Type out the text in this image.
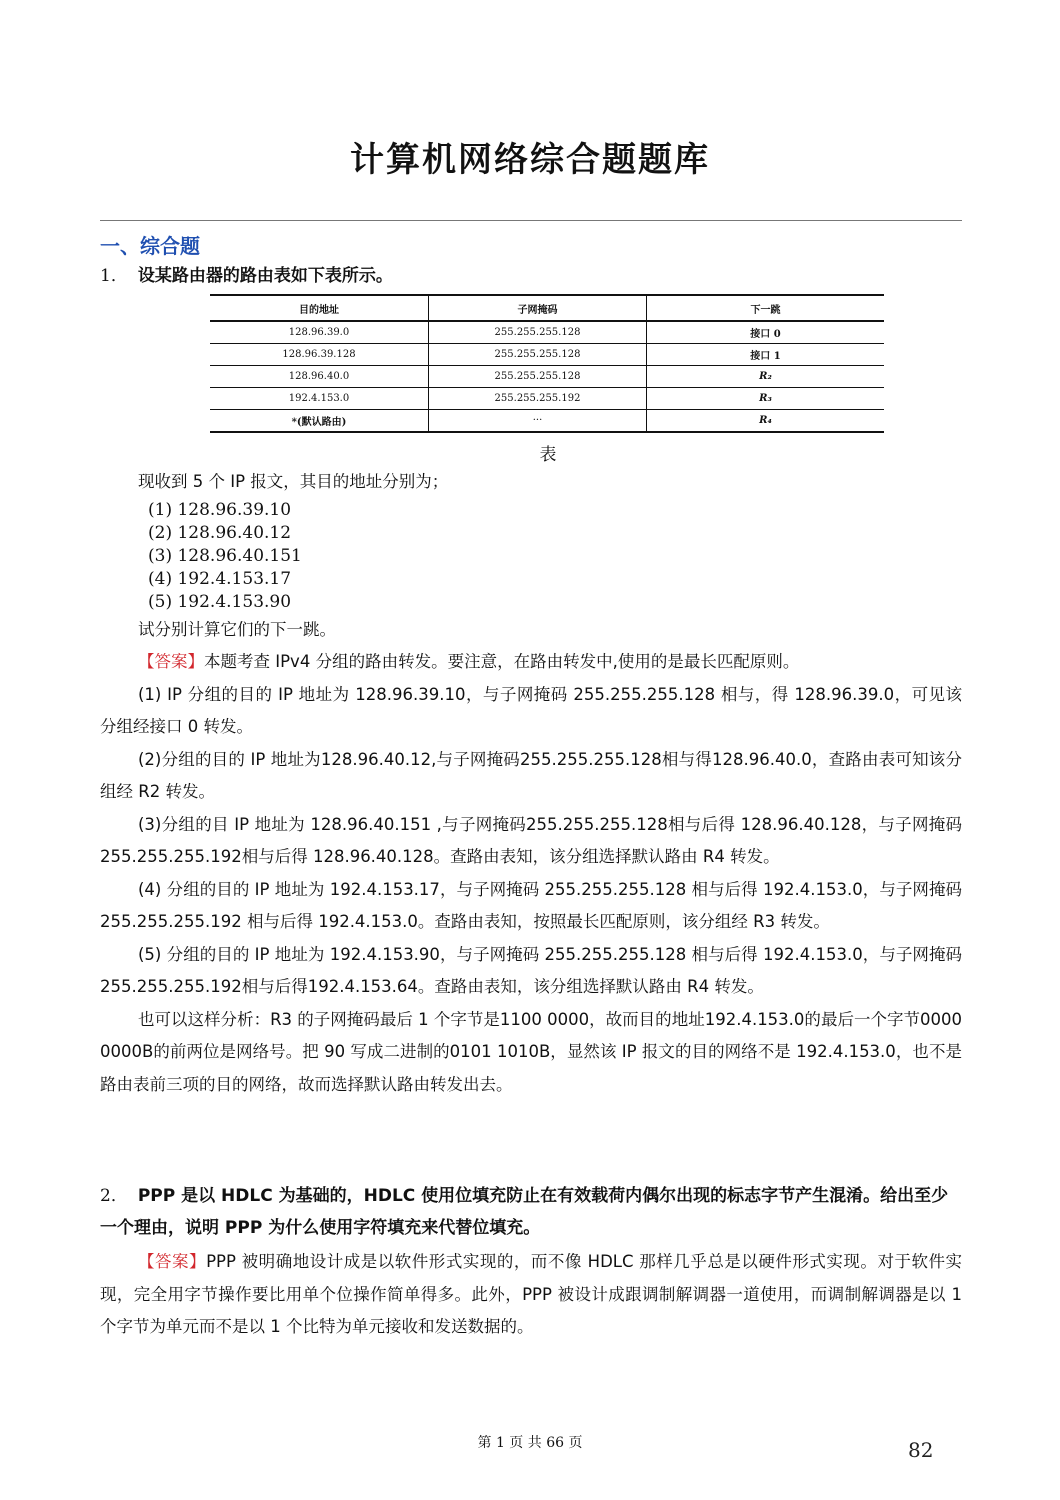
计算机网络综合题题库
一、综合题
1． 设某路由器的路由表如下表所示。
目的地址	子网掩码	下一跳
128.96.39.0	255.255.255.128	接口 0
128.96.39.128	255.255.255.128	接口 1
128.96.40.0	255.255.255.128	R₂
192.4.153.0	255.255.255.192	R₃
*(默认路由)	···	R₄
表

现收到 5 个 IP 报文，其目的地址分别为；

(1) 128.96.39.10
(2) 128.96.40.12
(3) 128.96.40.151
(4) 192.4.153.17
(5) 192.4.153.90

试分别计算它们的下一跳。

【答案】本题考查 IPv4 分组的路由转发。要注意，在路由转发中,使用的是最长匹配原则。

(1) IP 分组的目的 IP 地址为 128.96.39.10，与子网掩码 255.255.255.128 相与，得 128.96.39.0，可见该分组经接口 0 转发。

(2)分组的目的 IP 地址为128.96.40.12,与子网掩码255.255.255.128相与得128.96.40.0，查路由表可知该分组经 R2 转发。

(3)分组的目 IP 地址为 128.96.40.151 ,与子网掩码255.255.255.128相与后得 128.96.40.128，与子网掩码255.255.255.192相与后得 128.96.40.128。查路由表知，该分组选择默认路由 R4 转发。

(4) 分组的目的 IP 地址为 192.4.153.17，与子网掩码 255.255.255.128 相与后得 192.4.153.0，与子网掩码 255.255.255.192 相与后得 192.4.153.0。查路由表知，按照最长匹配原则，该分组经 R3 转发。

(5) 分组的目的 IP 地址为 192.4.153.90，与子网掩码 255.255.255.128 相与后得 192.4.153.0，与子网掩码 255.255.255.192相与后得192.4.153.64。查路由表知，该分组选择默认路由 R4 转发。

也可以这样分析：R3 的子网掩码最后 1 个字节是1100 0000，故而目的地址192.4.153.0的最后一个字节0000 0000B的前两位是网络号。把 90 写成二进制的0101 1010B，显然该 IP 报文的目的网络不是 192.4.153.0，也不是路由表前三项的目的网络，故而选择默认路由转发出去。

2． PPP 是以 HDLC 为基础的，HDLC 使用位填充防止在有效载荷内偶尔出现的标志字节产生混淆。给出至少一个理由，说明 PPP 为什么使用字符填充来代替位填充。

【答案】PPP 被明确地设计成是以软件形式实现的，而不像 HDLC 那样几乎总是以硬件形式实现。对于软件实现，完全用字节操作要比用单个位操作简单得多。此外，PPP 被设计成跟调制解调器一道使用，而调制解调器是以 1 个字节为单元而不是以 1 个比特为单元接收和发送数据的。

第 1 页 共 66 页	82
